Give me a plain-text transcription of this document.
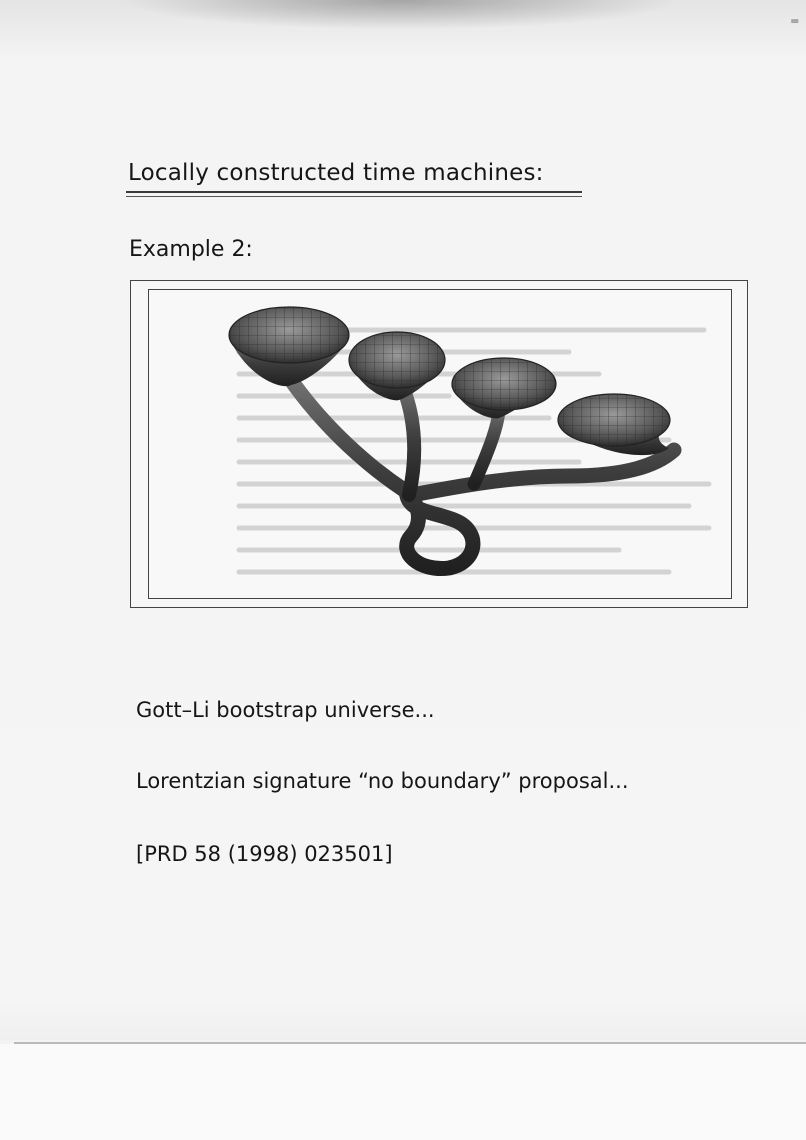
⁼
Locally constructed time machines:
Example 2:
Gott–Li bootstrap universe...
Lorentzian signature “no boundary” proposal...
[PRD 58 (1998) 023501]
